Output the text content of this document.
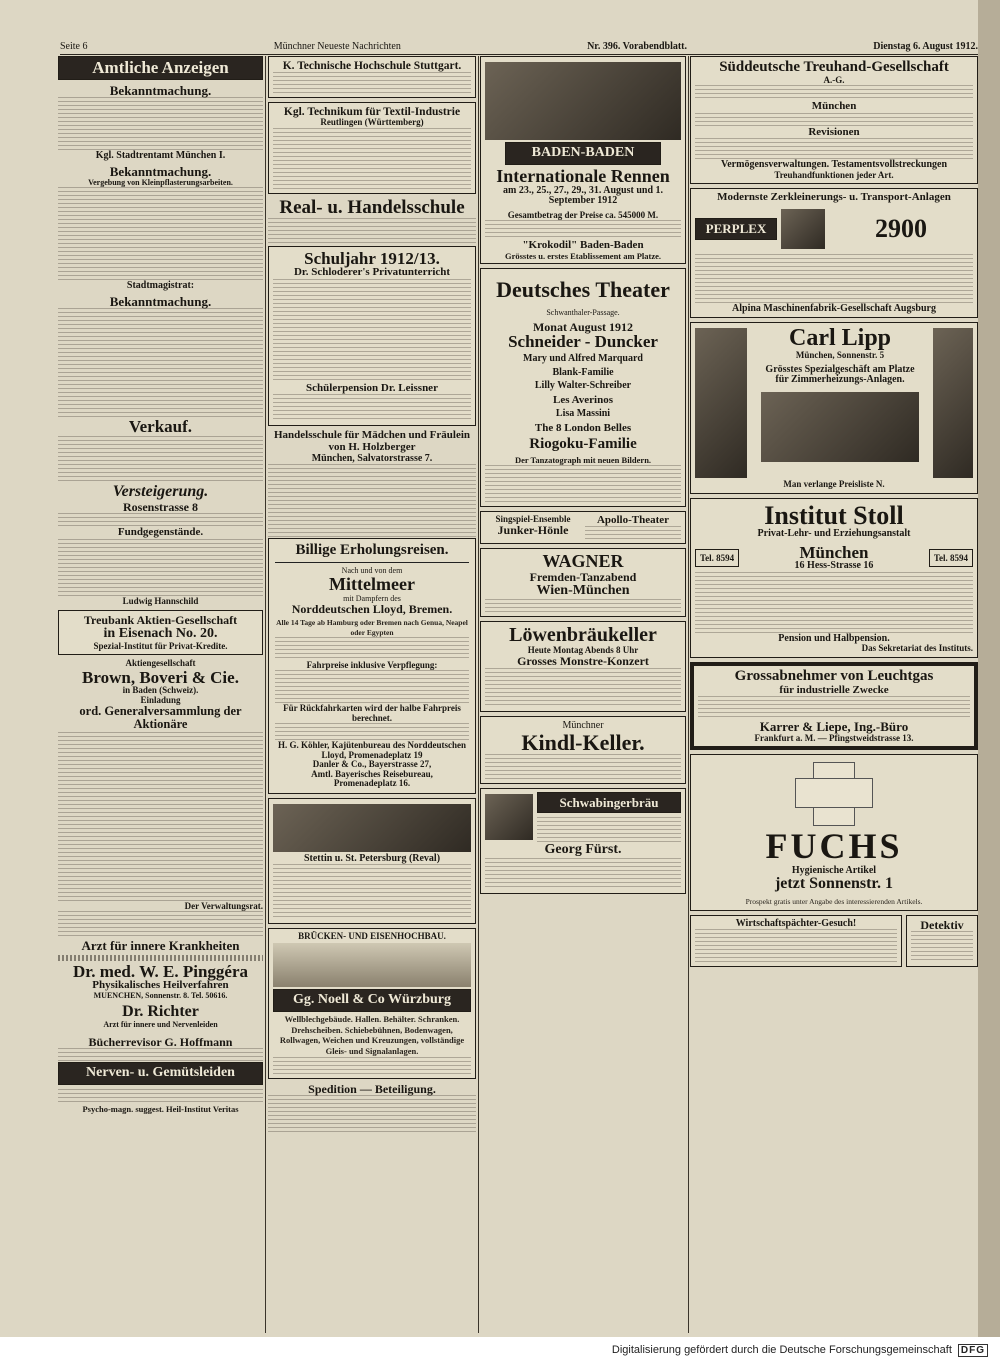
Seite 6	Münchner Neueste Nachrichten	Nr. 396. Vorabendblatt.	Dienstag 6. August 1912.
Amtliche Anzeigen
Bekanntmachung.
Kgl. Stadtrentamt München I.
Bekanntmachung.
Vergebung von Kleinpflasterungsarbeiten.
Stadtmagistrat:
Bekanntmachung.
Verkauf.
Versteigerung.
Rosenstrasse 8
Fundgegenstände.
Ludwig Hannschild
Treubank Aktien-Gesellschaft
in Eisenach No. 20.
Spezial-Institut für Privat-Kredite.
Aktiengesellschaft
Brown, Boveri & Cie.
in Baden (Schweiz).
Einladung
ord. Generalversammlung der Aktionäre
Der Verwaltungsrat.
Arzt für innere Krankheiten
Dr. med. W. E. Pinggéra
Physikalisches Heilverfahren
MUENCHEN, Sonnenstr. 8. Tel. 50616.
Dr. Richter
Arzt für innere und Nervenleiden
Bücherrevisor G. Hoffmann
Nerven- u. Gemütsleiden
Psycho-magn. suggest. Heil-Institut Veritas
K. Technische Hochschule Stuttgart.
Kgl. Technikum für Textil-Industrie
Reutlingen (Württemberg)
Real- u. Handelsschule
Schuljahr 1912/13.
Dr. Schloderer's Privatunterricht
Schülerpension Dr. Leissner
Handelsschule für Mädchen und Fräulein
von H. Holzberger
München, Salvatorstrasse 7.
Billige Erholungsreisen.
Nach und von dem
Mittelmeer
mit Dampfern des
Norddeutschen Lloyd, Bremen.
Alle 14 Tage ab Hamburg oder Bremen nach Genua, Neapel oder Egypten
Fahrpreise inklusive Verpflegung:
Für Rückfahrkarten wird der halbe Fahrpreis berechnet.
H. G. Köhler, Kajütenbureau des Norddeutschen Lloyd, Promenadeplatz 19
Danler & Co., Bayerstrasse 27,
Amtl. Bayerisches Reisebureau,
Promenadeplatz 16.
Stettin u. St. Petersburg (Reval)
BRÜCKEN- UND EISENHOCHBAU.
Gg. Noell & Co Würzburg
Wellblechgebäude. Hallen. Behälter. Schranken. Drehscheiben. Schiebebühnen, Bodenwagen, Rollwagen, Weichen und Kreuzungen, vollständige Gleis- und Signalanlagen.
Spedition — Beteiligung.
BADEN-BADEN
Internationale Rennen
am 23., 25., 27., 29., 31. August und 1. September 1912
Gesamtbetrag der Preise ca. 545000 M.
"Krokodil" Baden-Baden
Grösstes u. erstes Etablissement am Platze.
Deutsches Theater
Schwanthaler-Passage.
Monat August 1912
Schneider - Duncker
Mary und Alfred Marquard
Blank-Familie
Lilly Walter-Schreiber
Les Averinos
Lisa Massini
The 8 London Belles
Riogoku-Familie
Der Tanzatograph mit neuen Bildern.
Singspiel-Ensemble
Junker-Hönle
Apollo-Theater
WAGNER
Fremden-Tanzabend
Wien-München
Löwenbräukeller
Heute Montag Abends 8 Uhr
Grosses Monstre-Konzert
Münchner
Kindl-Keller.
Schwabingerbräu
Georg Fürst.
Süddeutsche Treuhand-Gesellschaft
A.-G.
München
Revisionen
Vermögensverwaltungen. Testamentsvollstreckungen
Treuhandfunktionen jeder Art.
Modernste Zerkleinerungs- u. Transport-Anlagen
PERPLEX	2900
Alpina Maschinenfabrik-Gesellschaft Augsburg
Carl Lipp
München, Sonnenstr. 5
Grösstes Spezialgeschäft am Platze
für Zimmerheizungs-Anlagen.
Man verlange Preisliste N.
Institut Stoll
Privat-Lehr- und Erziehungsanstalt
Tel. 8594	München
16 Hess-Strasse 16
Tel. 8594
Pension und Halbpension.
Das Sekretariat des Instituts.
Grossabnehmer von Leuchtgas
für industrielle Zwecke
Karrer & Liepe, Ing.-Büro
Frankfurt a. M. — Pfingstweidstrasse 13.
FUCHS
Hygienische Artikel
jetzt Sonnenstr. 1
Prospekt gratis unter Angabe des interessierenden Artikels.
Wirtschaftspächter-Gesuch!	Detektiv
Digitalisierung gefördert durch die Deutsche Forschungsgemeinschaft DFG
